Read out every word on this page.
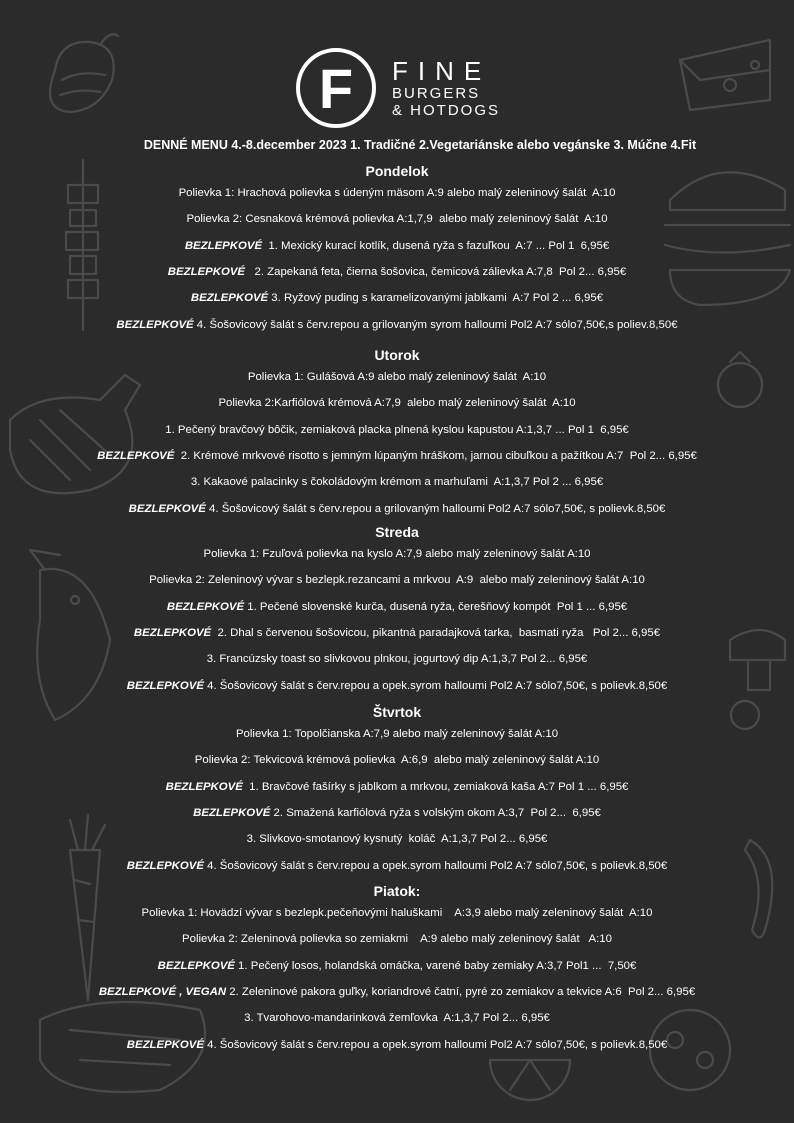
F FINE
BURGERS
& HOTDOGS
DENNÉ MENU 4.-8.december 2023 1. Tradičné 2.Vegetariánske alebo vegánske 3. Múčne 4.Fit
Pondelok
Polievka 1: Hrachová polievka s údeným mäsom A:9 alebo malý zeleninový šalát  A:10
Polievka 2: Cesnaková krémová polievka A:1,7,9  alebo malý zeleninový šalát  A:10
BEZLEPKOVÉ  1. Mexický kurací kotlík, dusená ryža s fazuľkou  A:7 ... Pol 1  6,95€
BEZLEPKOVÉ   2. Zapekaná feta, čierna šošovica, čemicová zálievka A:7,8  Pol 2... 6,95€
BEZLEPKOVÉ 3. Ryžový puding s karamelizovanými jablkami  A:7 Pol 2 ... 6,95€
BEZLEPKOVÉ 4. Šošovicový šalát s červ.repou a grilovaným syrom halloumi Pol2 A:7 sólo7,50€,s poliev.8,50€
Utorok
Polievka 1: Gulášová A:9 alebo malý zeleninový šalát  A:10
Polievka 2:Karfiólová krémová A:7,9  alebo malý zeleninový šalát  A:10
1. Pečený bravčový bôčik, zemiaková placka plnená kyslou kapustou A:1,3,7 ... Pol 1  6,95€
BEZLEPKOVÉ  2. Krémové mrkvové risotto s jemným lúpaným hráškom, jarnou cibuľkou a pažítkou A:7  Pol 2... 6,95€
3. Kakaové palacinky s čokoládovým krémom a marhuľami  A:1,3,7 Pol 2 ... 6,95€
BEZLEPKOVÉ 4. Šošovicový šalát s červ.repou a grilovaným halloumi Pol2 A:7 sólo7,50€, s polievk.8,50€
Streda
Polievka 1: Fzuľová polievka na kyslo A:7,9 alebo malý zeleninový šalát A:10
Polievka 2: Zeleninový vývar s bezlepk.rezancami a mrkvou  A:9  alebo malý zeleninový šalát A:10
BEZLEPKOVÉ 1. Pečené slovenské kurča, dusená ryža, čerešňový kompót  Pol 1 ... 6,95€
BEZLEPKOVÉ  2. Dhal s červenou šošovicou, pikantná paradajková tarka,  basmati ryža   Pol 2... 6,95€
3. Francúzsky toast so slivkovou plnkou, jogurtový dip A:1,3,7 Pol 2... 6,95€
BEZLEPKOVÉ 4. Šošovicový šalát s červ.repou a opek.syrom halloumi Pol2 A:7 sólo7,50€, s polievk.8,50€
Štvrtok
Polievka 1: Topolčianska A:7,9 alebo malý zeleninový šalát A:10
Polievka 2: Tekvicová krémová polievka  A:6,9  alebo malý zeleninový šalát A:10
BEZLEPKOVÉ  1. Bravčové fašírky s jablkom a mrkvou, zemiaková kaša A:7 Pol 1 ... 6,95€
BEZLEPKOVÉ 2. Smažená karfiólová ryža s volským okom A:3,7  Pol 2...  6,95€
3. Slivkovo-smotanový kysnutý  koláč  A:1,3,7 Pol 2... 6,95€
BEZLEPKOVÉ 4. Šošovicový šalát s červ.repou a opek.syrom halloumi Pol2 A:7 sólo7,50€, s polievk.8,50€
Piatok:
Polievka 1: Hovädzí vývar s bezlepk.pečeňovými haluškami    A:3,9 alebo malý zeleninový šalát  A:10
Polievka 2: Zeleninová polievka so zemiakmi    A:9 alebo malý zeleninový šalát   A:10
BEZLEPKOVÉ 1. Pečený losos, holandská omáčka, varené baby zemiaky A:3,7 Pol1 ...  7,50€
BEZLEPKOVÉ , VEGAN 2. Zeleninové pakora guľky, koriandrové čatní, pyré zo zemiakov a tekvice A:6  Pol 2... 6,95€
3. Tvarohovo-mandarinková žemľovka  A:1,3,7 Pol 2... 6,95€
BEZLEPKOVÉ 4. Šošovicový šalát s červ.repou a opek.syrom halloumi Pol2 A:7 sólo7,50€, s polievk.8,50€
